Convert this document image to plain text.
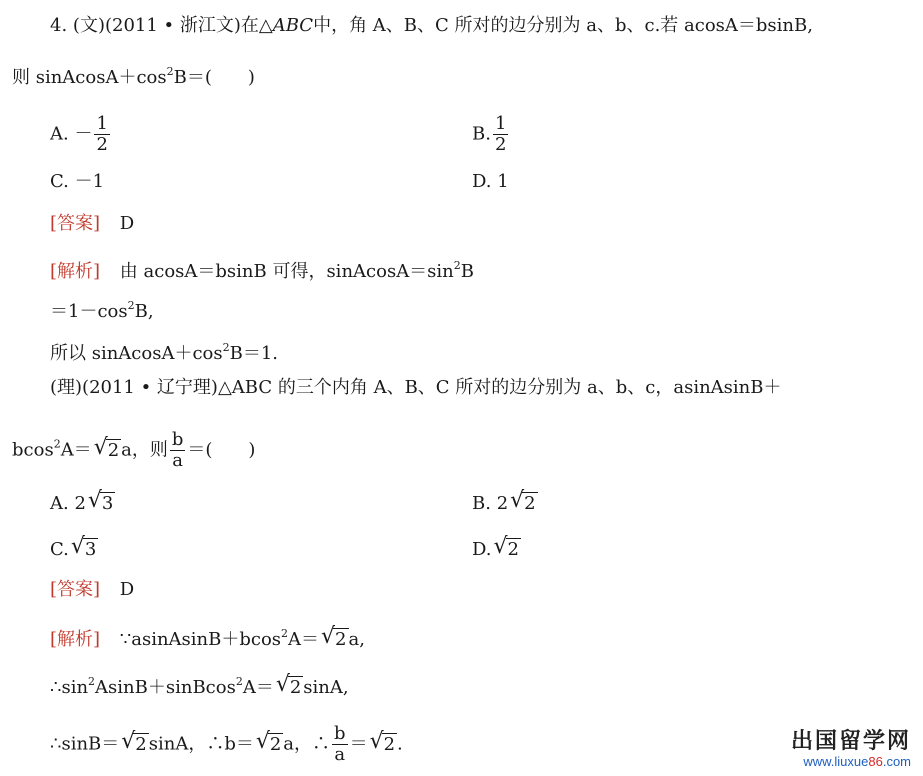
4. (文)(2011 • 浙江文)在△ABC中，角 A、B、C 所对的边分别为 a、b、c.若 acosA＝bsinB,
则 $sinAcosA+\cos^2B=$(　　)
A. － $\frac{1}{2}$	B. $\frac{1}{2}$
C. －1	D. 1
[答案] D
[解析] 由 acosA＝bsinB 可得，$sinAcosA=\sin^2B$
$=1-\cos^2B$,
所以 $sinAcosA+\cos^2B=1$.
(理)(2011 • 辽宁理)△ABC 的三个内角 A、B、C 所对的边分别为 a、b、c，asinAsinB＋
bcos$^2$A＝ √ 2 a，则 $\frac{b}{a}$ ＝(　　)
A. 2 √ 3	B. 2 √ 2
C. √ 3	D. √ 2
[答案] D
[解析] ∵asinAsinB＋bcos$^2$A＝ √ 2 a,
$\therefore\sin^2AsinB+sinBcos^2A=$ √ 2 sinA,
∴sinB＝ √ 2 sinA，∴b＝ √ 2 a，∴ $\frac{b}{a}$ ＝ √ 2 .	出国留学网
www.liuxue86.com
